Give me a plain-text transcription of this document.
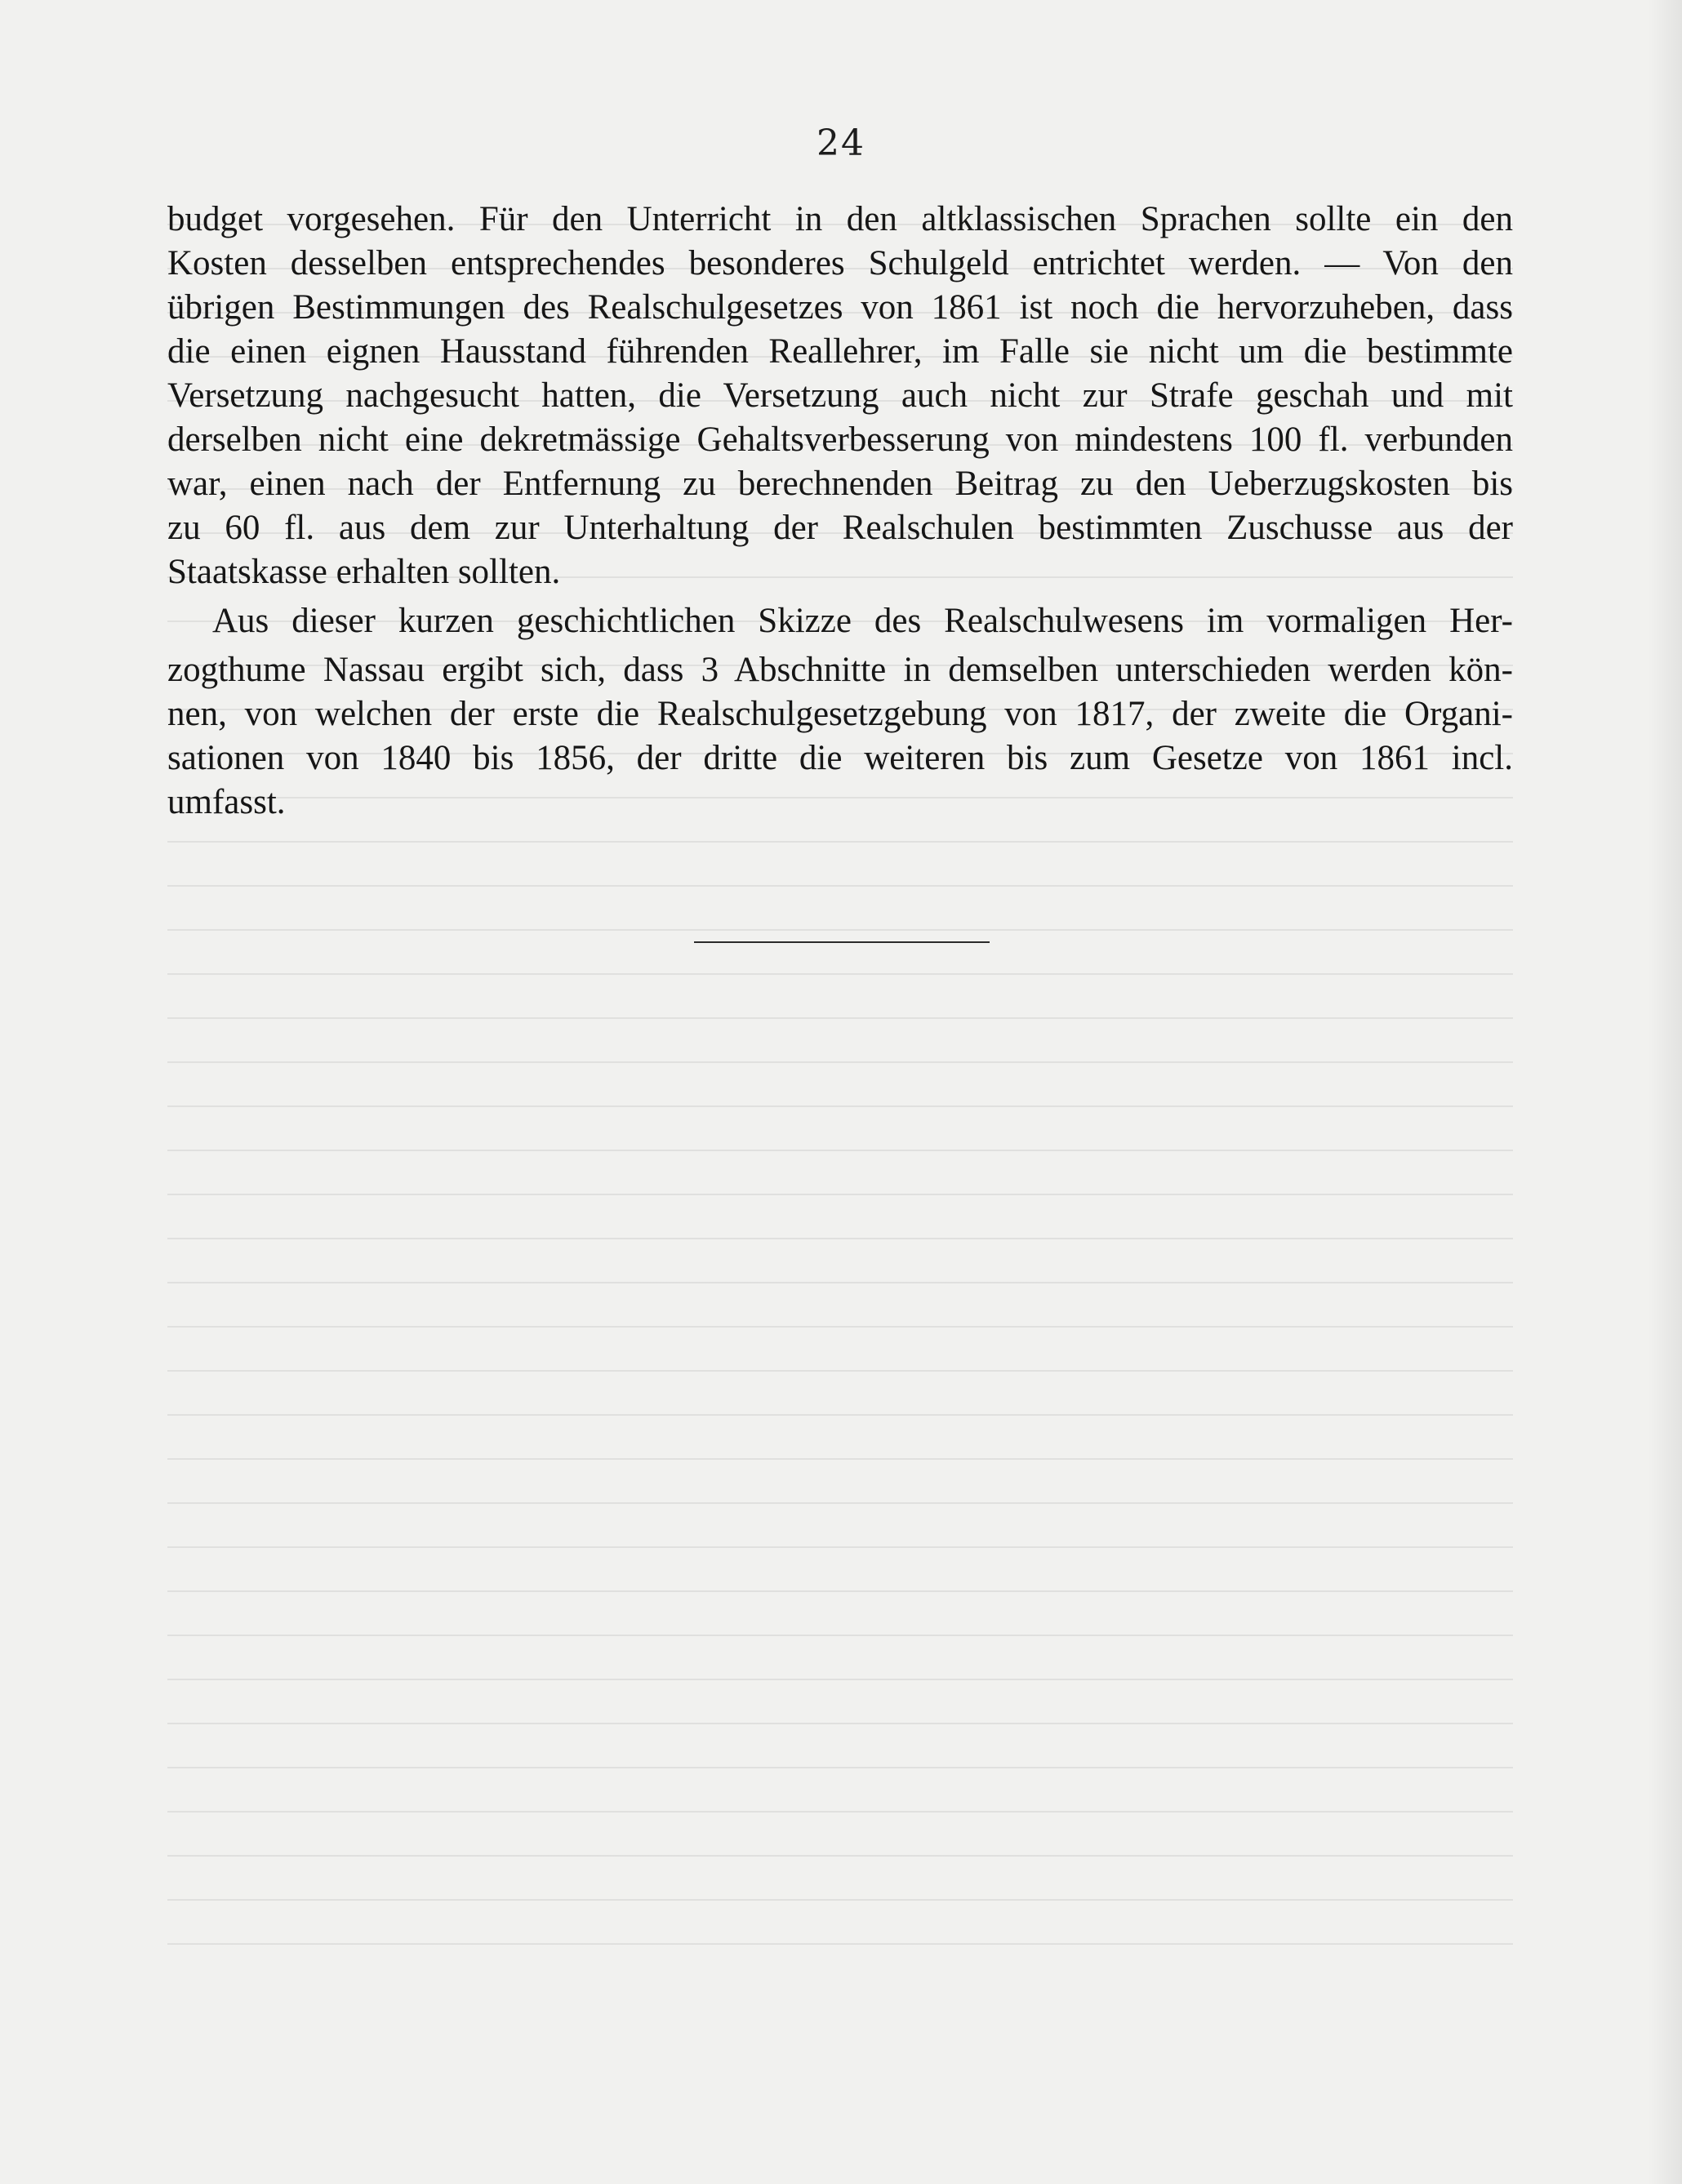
24
budget vorgesehen. Für den Unterricht in den altklassischen Sprachen sollte ein den
Kosten desselben entsprechendes besonderes Schulgeld entrichtet werden. — Von den
übrigen Bestimmungen des Realschulgesetzes von 1861 ist noch die hervorzuheben, dass
die einen eignen Hausstand führenden Reallehrer, im Falle sie nicht um die bestimmte
Versetzung nachgesucht hatten, die Versetzung auch nicht zur Strafe geschah und mit
derselben nicht eine dekretmässige Gehaltsverbesserung von mindestens 100 fl. verbunden
war, einen nach der Entfernung zu berechnenden Beitrag zu den Ueberzugskosten bis
zu 60 fl. aus dem zur Unterhaltung der Realschulen bestimmten Zuschusse aus der
Staatskasse erhalten sollten.
Aus dieser kurzen geschichtlichen Skizze des Realschulwesens im vormaligen Her-
zogthume Nassau ergibt sich, dass 3 Abschnitte in demselben unterschieden werden kön-
nen, von welchen der erste die Realschulgesetzgebung von 1817, der zweite die Organi-
sationen von 1840 bis 1856, der dritte die weiteren bis zum Gesetze von 1861 incl.
umfasst.
